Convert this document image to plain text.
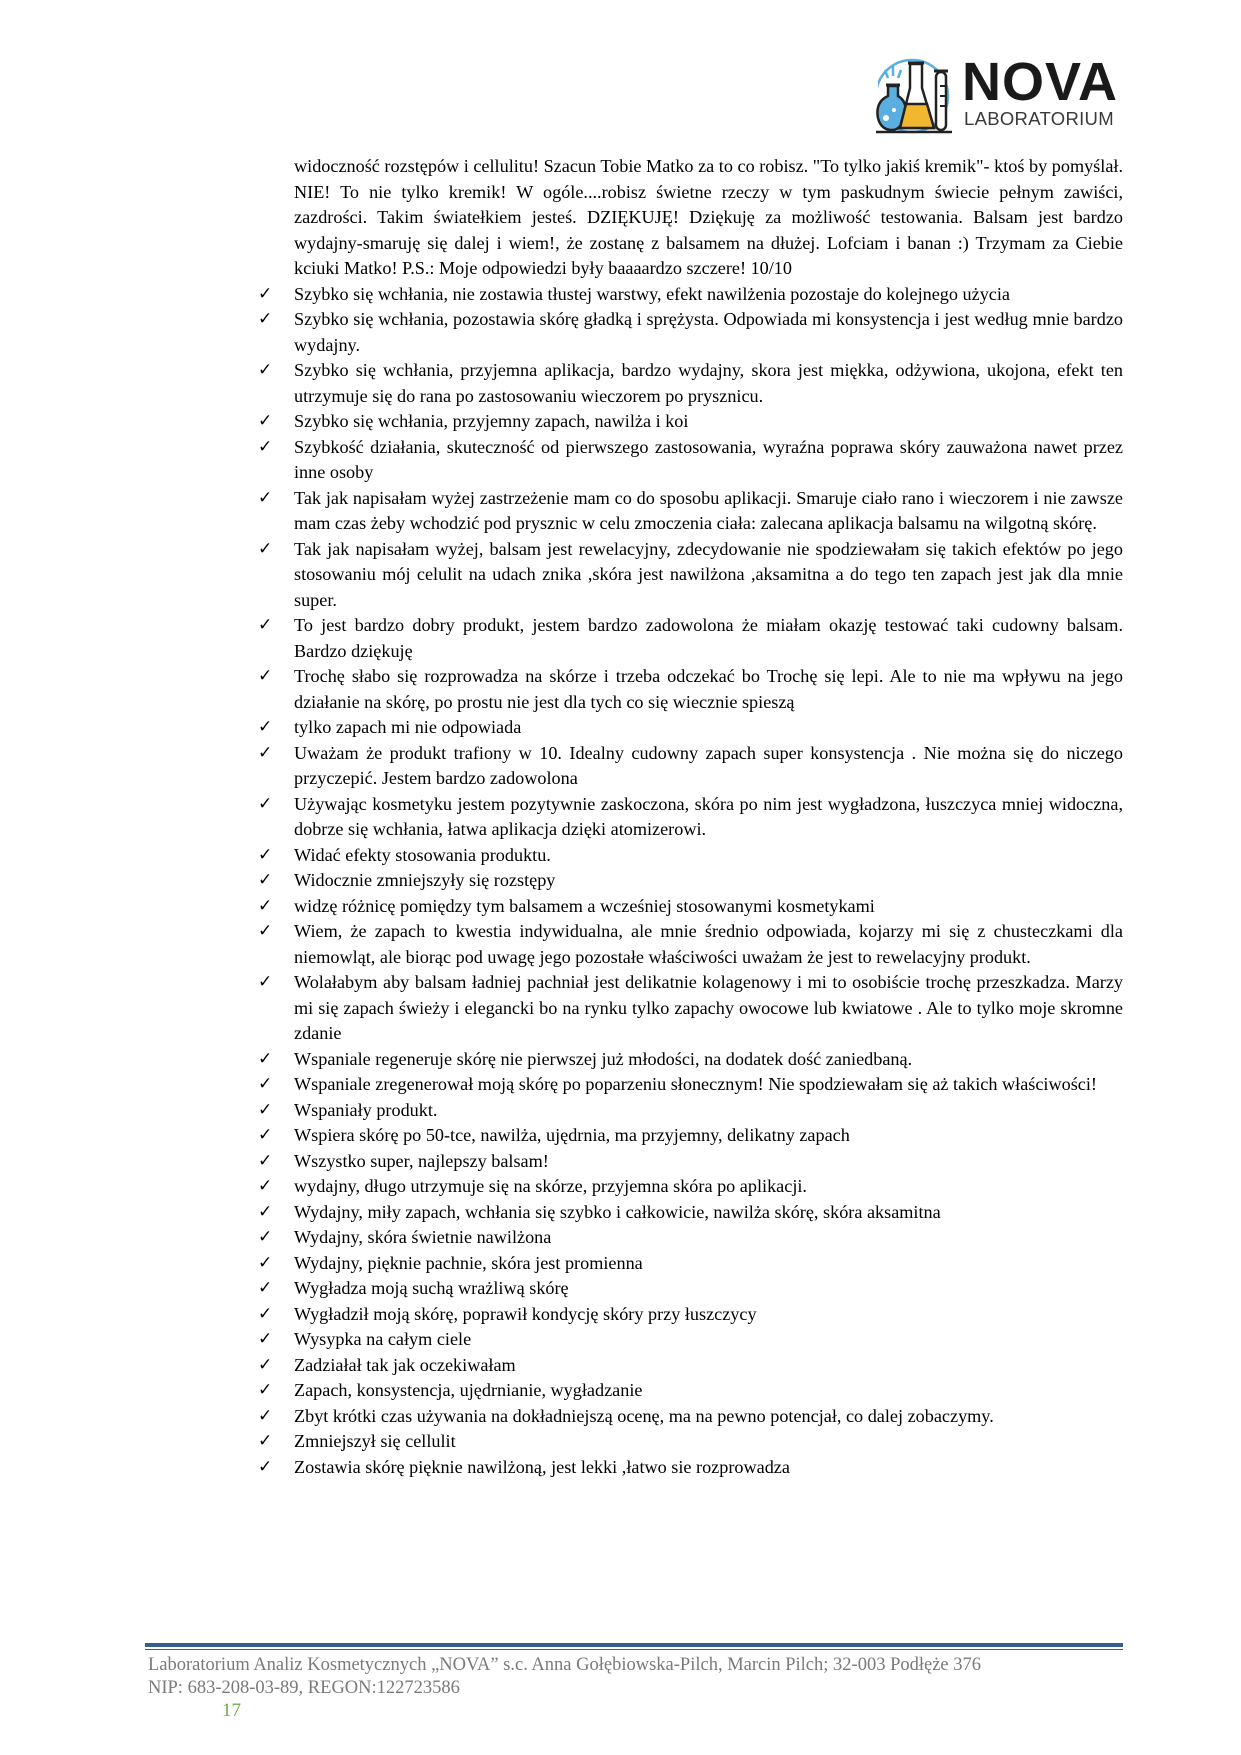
NOVA
LABORATORIUM
widoczność rozstępów i cellulitu! Szacun Tobie Matko za to co robisz. "To tylko jakiś kremik"- ktoś by pomyślał. NIE! To nie tylko kremik! W ogóle....robisz świetne rzeczy w tym paskudnym świecie pełnym zawiści, zazdrości. Takim światełkiem jesteś. DZIĘKUJĘ! Dziękuję za możliwość testowania. Balsam jest bardzo wydajny-smaruję się dalej i wiem!, że zostanę z balsamem na dłużej. Lofciam i banan :) Trzymam za Ciebie kciuki Matko! P.S.: Moje odpowiedzi były baaaardzo szczere! 10/10
✓ Szybko się wchłania, nie zostawia tłustej warstwy, efekt nawilżenia pozostaje do kolejnego użycia
✓ Szybko się wchłania, pozostawia skórę gładką i sprężysta. Odpowiada mi konsystencja i jest według mnie bardzo wydajny.
✓ Szybko się wchłania, przyjemna aplikacja, bardzo wydajny, skora jest miękka, odżywiona, ukojona, efekt ten utrzymuje się do rana po zastosowaniu wieczorem po prysznicu.
✓ Szybko się wchłania, przyjemny zapach, nawilża i koi
✓ Szybkość działania, skuteczność od pierwszego zastosowania, wyraźna poprawa skóry zauważona nawet przez inne osoby
✓ Tak jak napisałam wyżej zastrzeżenie mam co do sposobu aplikacji. Smaruje ciało rano i wieczorem i nie zawsze mam czas żeby wchodzić pod prysznic w celu zmoczenia ciała: zalecana aplikacja balsamu na wilgotną skórę.
✓ Tak jak napisałam wyżej, balsam jest rewelacyjny, zdecydowanie nie spodziewałam się takich efektów po jego stosowaniu mój celulit na udach znika ,skóra jest nawilżona ,aksamitna a do tego ten zapach jest jak dla mnie super.
✓ To jest bardzo dobry produkt, jestem bardzo zadowolona że miałam okazję testować taki cudowny balsam. Bardzo dziękuję
✓ Trochę słabo się rozprowadza na skórze i trzeba odczekać bo Trochę się lepi. Ale to nie ma wpływu na jego działanie na skórę, po prostu nie jest dla tych co się wiecznie spieszą
✓ tylko zapach mi nie odpowiada
✓ Uważam że produkt trafiony w 10. Idealny cudowny zapach super konsystencja . Nie można się do niczego przyczepić. Jestem bardzo zadowolona
✓ Używając kosmetyku jestem pozytywnie zaskoczona, skóra po nim jest wygładzona, łuszczyca mniej widoczna, dobrze się wchłania, łatwa aplikacja dzięki atomizerowi.
✓ Widać efekty stosowania produktu.
✓ Widocznie zmniejszyły się rozstępy
✓ widzę różnicę pomiędzy tym balsamem a wcześniej stosowanymi kosmetykami
✓ Wiem, że zapach to kwestia indywidualna, ale mnie średnio odpowiada, kojarzy mi się z chusteczkami dla niemowląt, ale biorąc pod uwagę jego pozostałe właściwości uważam że jest to rewelacyjny produkt.
✓ Wolałabym aby balsam ładniej pachniał jest delikatnie kolagenowy i mi to osobiście trochę przeszkadza. Marzy mi się zapach świeży i elegancki bo na rynku tylko zapachy owocowe lub kwiatowe . Ale to tylko moje skromne zdanie
✓ Wspaniale regeneruje skórę nie pierwszej już młodości, na dodatek dość zaniedbaną.
✓ Wspaniale zregenerował moją skórę po poparzeniu słonecznym! Nie spodziewałam się aż takich właściwości!
✓ Wspaniały produkt.
✓ Wspiera skórę po 50-tce, nawilża, ujędrnia, ma przyjemny, delikatny zapach
✓ Wszystko super, najlepszy balsam!
✓ wydajny, długo utrzymuje się na skórze, przyjemna skóra po aplikacji.
✓ Wydajny, miły zapach, wchłania się szybko i całkowicie, nawilża skórę, skóra aksamitna
✓ Wydajny, skóra świetnie nawilżona
✓ Wydajny, pięknie pachnie, skóra jest promienna
✓ Wygładza moją suchą wrażliwą skórę
✓ Wygładził moją skórę, poprawił kondycję skóry przy łuszczycy
✓ Wysypka na całym ciele
✓ Zadziałał tak jak oczekiwałam
✓ Zapach, konsystencja, ujędrnianie, wygładzanie
✓ Zbyt krótki czas używania na dokładniejszą ocenę, ma na pewno potencjał, co dalej zobaczymy.
✓ Zmniejszył się cellulit
✓ Zostawia skórę pięknie nawilżoną, jest lekki ,łatwo sie rozprowadza
Laboratorium Analiz Kosmetycznych „NOVA” s.c. Anna Gołębiowska-Pilch, Marcin Pilch; 32-003 Podłęże 376
NIP: 683-208-03-89, REGON:122723586
17
